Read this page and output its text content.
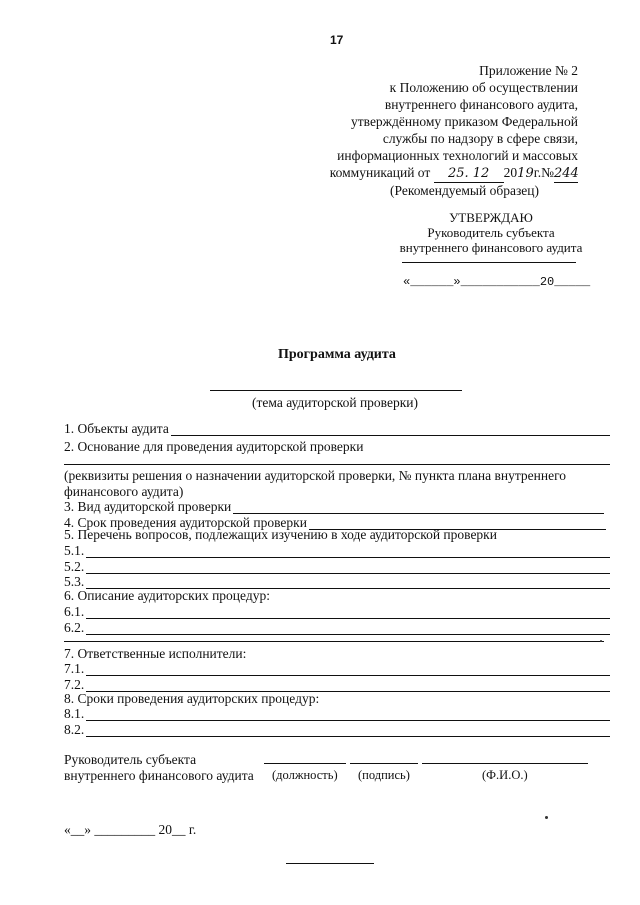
17
Приложение № 2
к Положению об осуществлении
внутреннего финансового аудита,
утверждённому приказом Федеральной
службы по надзору в сфере связи,
информационных технологий и массовых
коммуникаций от 25. 12 2019г.№244
(Рекомендуемый образец)
УТВЕРЖДАЮ
Руководитель субъекта
внутреннего финансового аудита
«______»___________20_____
Программа аудита
(тема аудиторской проверки)
1. Объекты аудита
2. Основание для проведения аудиторской проверки
(реквизиты решения о назначении аудиторской проверки, № пункта плана внутреннего
финансового аудита)
3. Вид аудиторской проверки
4. Срок проведения аудиторской проверки
5. Перечень вопросов, подлежащих изучению в ходе аудиторской проверки
5.1.
5.2.
5.3.
6. Описание аудиторских процедур:
6.1.
6.2.
7. Ответственные исполнители:
7.1.
7.2.
8. Сроки проведения аудиторских процедур:
8.1.
8.2.
Руководитель субъекта
внутреннего финансового аудита (должность) (подпись)	(Ф.И.О.)
«__» _________ 20__ г.
